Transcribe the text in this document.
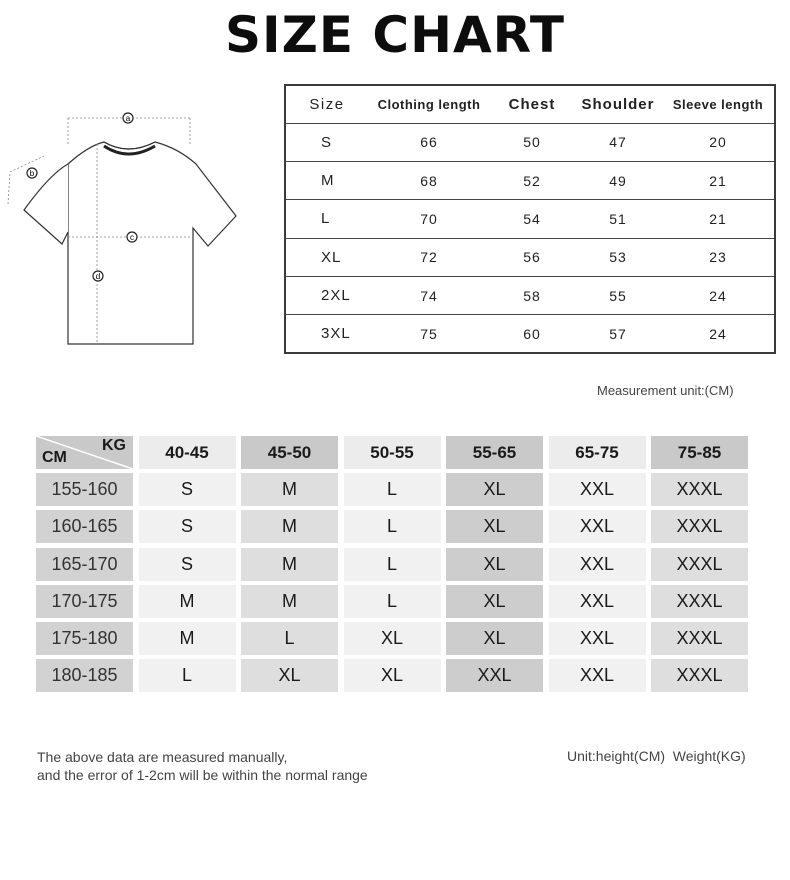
SIZE CHART
a
b
c
d
Size	Clothing length	Chest	Shoulder	Sleeve length
S	66	50	47	20
M	68	52	49	21
L	70	54	51	21
XL	72	56	53	23
2XL	74	58	55	24
3XL	75	60	57	24
Measurement unit:(CM)
KG
CM	40-45	45-50	50-55	55-65	65-75	75-85
155-160	S	M	L	XL	XXL	XXXL
160-165	S	M	L	XL	XXL	XXXL
165-170	S	M	L	XL	XXL	XXXL
170-175	M	M	L	XL	XXL	XXXL
175-180	M	L	XL	XL	XXL	XXXL
180-185	L	XL	XL	XXL	XXL	XXXL
The above data are measured manually,
and the error of 1-2cm will be within the normal range
Unit:height(CM)  Weight(KG)
